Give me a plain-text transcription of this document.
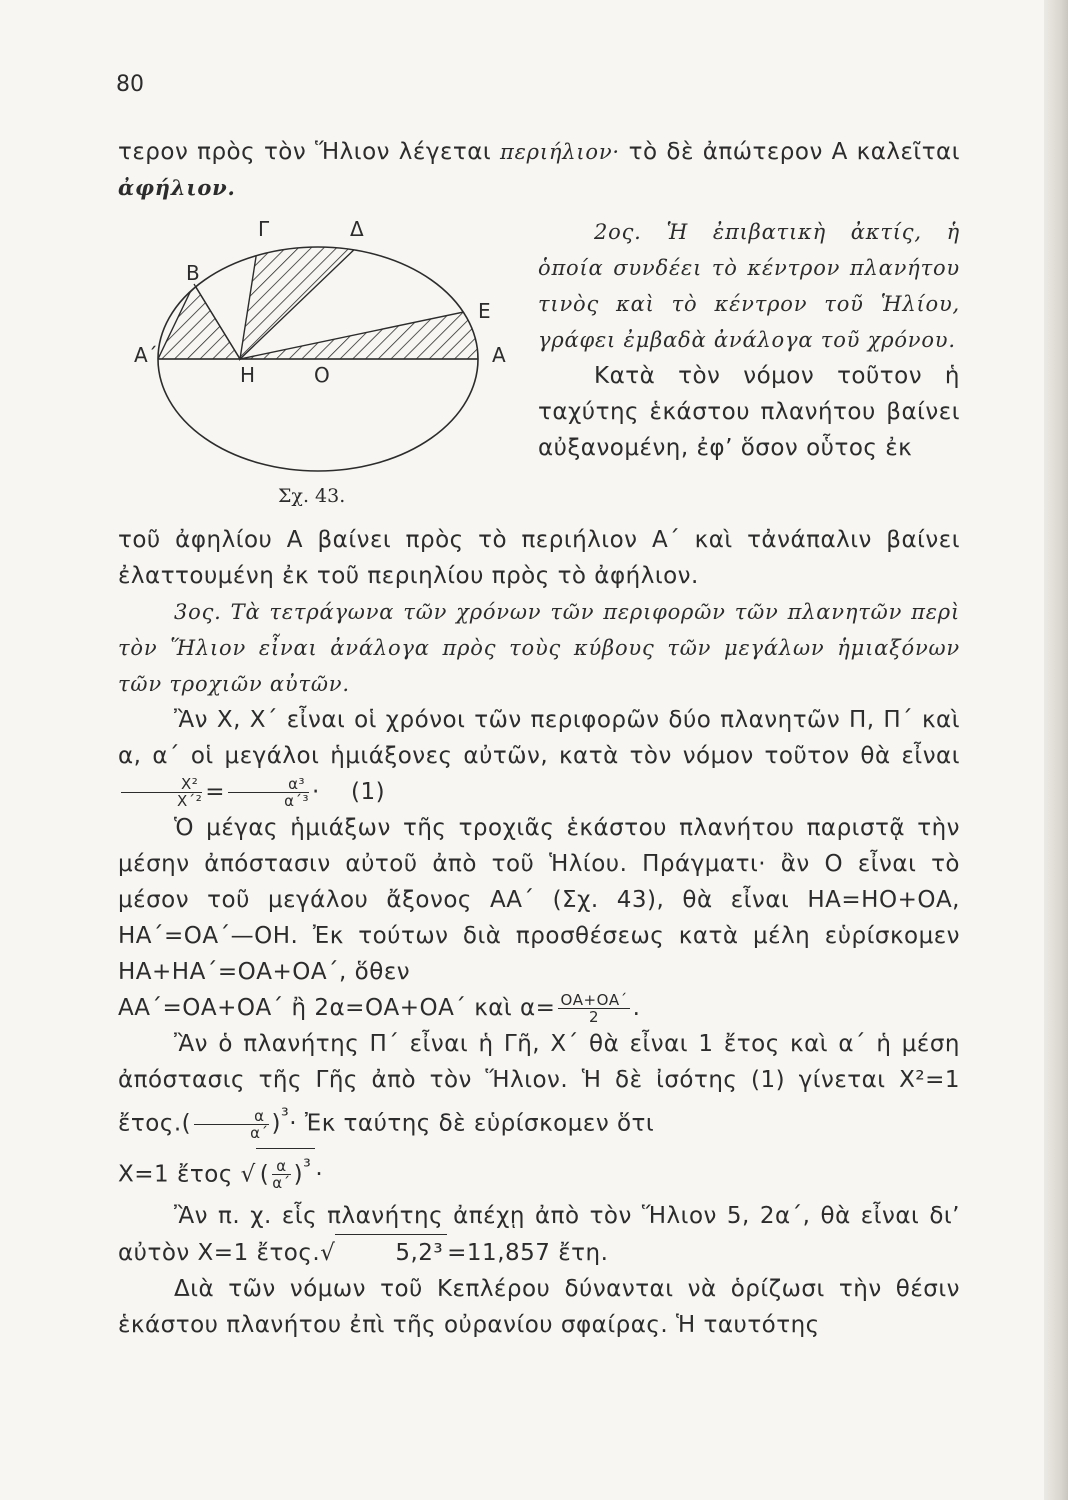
80

τερον πρὸς τὸν Ἥλιον λέγεται περιήλιον· τὸ δὲ ἀπώτερον Α καλεῖται ἀφήλιον.

Γ	Δ
Β
Ε
Α΄	Α
Η	Ο
Σχ. 43.

2ος. Ἡ ἐπιβατικὴ ἀκτίς, ἡ ὁποία συνδέει τὸ κέντρον πλανήτου τινὸς καὶ τὸ κέντρον τοῦ Ἡλίου, γράφει ἐμβαδὰ ἀνάλογα τοῦ χρόνου.

Κατὰ τὸν νόμον τοῦτον ἡ ταχύτης ἑκάστου πλανήτου βαίνει αὐξανομένη, ἐφ’ ὅσον οὗτος ἐκ

τοῦ ἀφηλίου Α βαίνει πρὸς τὸ περιήλιον Α΄ καὶ τἀνάπαλιν βαίνει ἐλαττουμένη ἐκ τοῦ περιηλίου πρὸς τὸ ἀφήλιον.

3ος. Τὰ τετράγωνα τῶν χρόνων τῶν περιφορῶν τῶν πλανητῶν περὶ τὸν Ἥλιον εἶναι ἀνάλογα πρὸς τοὺς κύβους τῶν μεγάλων ἡμιαξόνων τῶν τροχιῶν αὐτῶν.

Ἂν Χ, Χ΄ εἶναι οἱ χρόνοι τῶν περιφορῶν δύο πλανητῶν Π, Π΄ καὶ α, α΄ οἱ μεγάλοι ἡμιάξονες αὐτῶν, κατὰ τὸν νόμον τοῦτον θὰ εἶναι
$\frac{\text{Χ²}}{\text{Χ΄²}} = \frac{\text{α³}}{\text{α΄³}}$ ·    (1)

Ὁ μέγας ἡμιάξων τῆς τροχιᾶς ἑκάστου πλανήτου παριστᾷ τὴν μέσην ἀπόστασιν αὐτοῦ ἀπὸ τοῦ Ἡλίου. Πράγματι· ἂν Ο εἶναι τὸ μέσον τοῦ μεγάλου ἄξονος ΑΑ΄ (Σχ. 43), θὰ εἶναι ΗΑ=ΗΟ+ΟΑ, ΗΑ΄=ΟΑ΄—ΟΗ. Ἐκ τούτων διὰ προσθέσεως κατὰ μέλη εὑρίσκομεν ΗΑ+ΗΑ΄=ΟΑ+ΟΑ΄, ὅθεν

ΑΑ΄=ΟΑ+ΟΑ΄ ἢ 2α=ΟΑ+ΟΑ΄ καὶ $\alpha= \frac{OA+OA΄}{2}$ .

Ἂν ὁ πλανήτης Π΄ εἶναι ἡ Γῆ, Χ΄ θὰ εἶναι 1 ἔτος καὶ α΄ ἡ μέση ἀπόστασις τῆς Γῆς ἀπὸ τὸν Ἥλιον. Ἡ δὲ ἰσότης (1) γίνεται Χ²=1 ἔτος.( $\frac{\alpha}{\alpha΄} )^{^3}\cdot$ Ἐκ ταύτης δὲ εὑρίσκομεν ὅτι

Χ=1 ἔτος √ ( $\frac{\alpha}{\alpha΄} )^{^3}$ ·

Ἂν π. χ. εἷς πλανήτης ἀπέχῃ ἀπὸ τὸν Ἥλιον 5, 2α΄, θὰ εἶναι δι’ αὐτὸν Χ=1 ἔτος.√	5,2³ =11,857 ἔτη.

Διὰ τῶν νόμων τοῦ Κεπλέρου δύνανται νὰ ὁρίζωσι τὴν θέσιν ἑκάστου πλανήτου ἐπὶ τῆς οὐρανίου σφαίρας. Ἡ ταυτότης
